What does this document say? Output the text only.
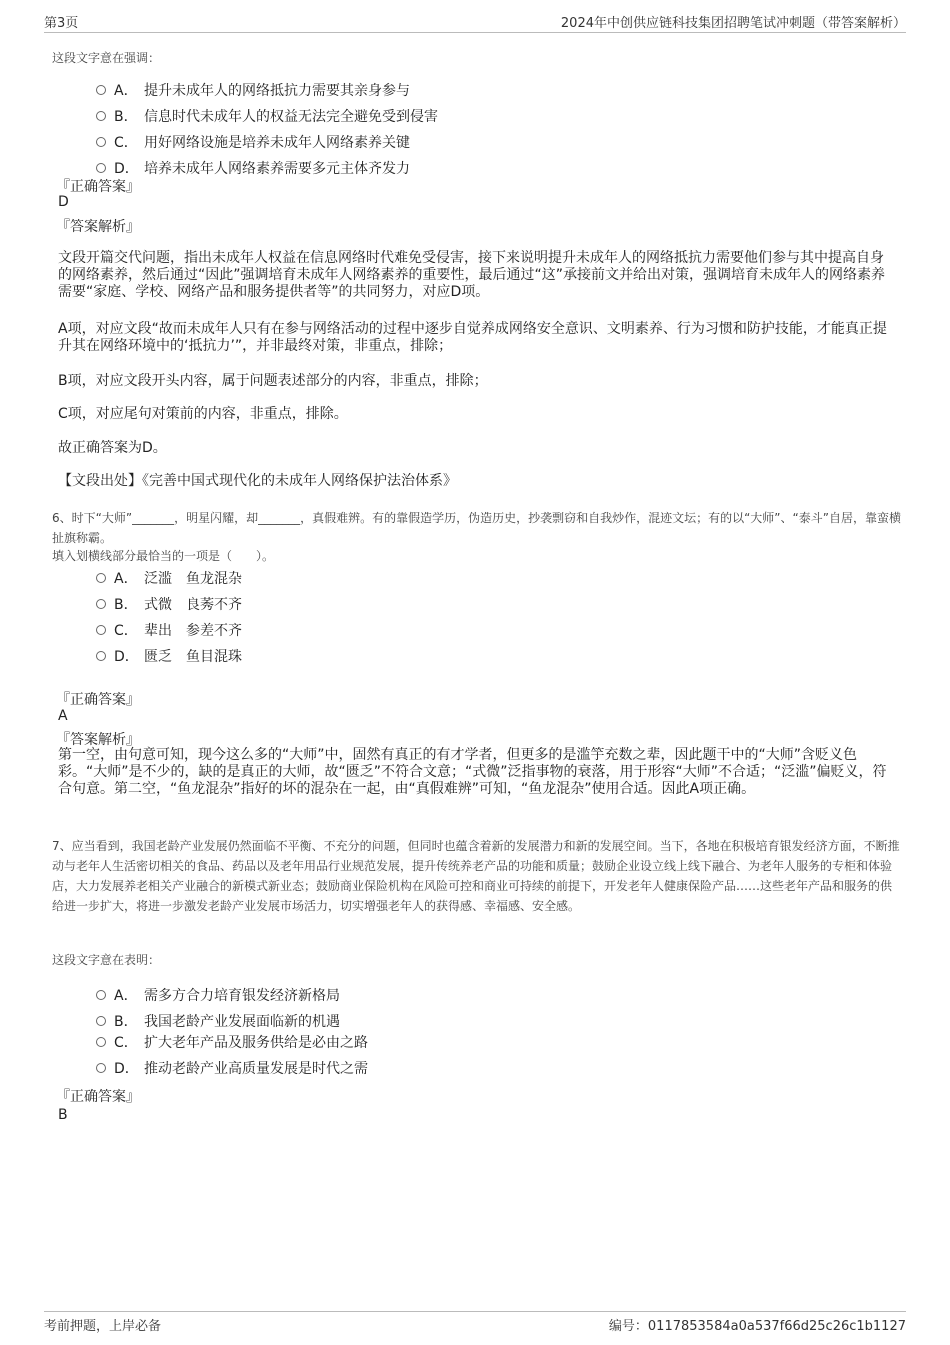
第3页	2024年中创供应链科技集团招聘笔试冲刺题（带答案解析）
这段文字意在强调：
A． 提升未成年人的网络抵抗力需要其亲身参与
B． 信息时代未成年人的权益无法完全避免受到侵害
C． 用好网络设施是培养未成年人网络素养关键
D． 培养未成年人网络素养需要多元主体齐发力
『正确答案』
D
『答案解析』
文段开篇交代问题，指出未成年人权益在信息网络时代难免受侵害，接下来说明提升未成年人的网络抵抗力需要他们参与其中提高自身的网络素养，然后通过“因此”强调培育未成年人网络素养的重要性，最后通过“这”承接前文并给出对策，强调培育未成年人的网络素养需要“家庭、学校、网络产品和服务提供者等”的共同努力，对应D项。
A项，对应文段“故而未成年人只有在参与网络活动的过程中逐步自觉养成网络安全意识、文明素养、行为习惯和防护技能，才能真正提升其在网络环境中的‘抵抗力’”，并非最终对策，非重点，排除；
B项，对应文段开头内容，属于问题表述部分的内容，非重点，排除；
C项，对应尾句对策前的内容，非重点，排除。
故正确答案为D。
【文段出处】《完善中国式现代化的未成年人网络保护法治体系》
6、时下“大师”_______，明星闪耀，却_______，真假难辨。有的靠假造学历，伪造历史，抄袭剽窃和自我炒作，混迹文坛；有的以“大师”、“泰斗”自居，靠蛮横扯旗称霸。
填入划横线部分最恰当的一项是（　　）。
A． 泛滥　鱼龙混杂
B． 式微　良莠不齐
C． 辈出　参差不齐
D． 匮乏　鱼目混珠
『正确答案』
A
『答案解析』
第一空，由句意可知，现今这么多的“大师”中，固然有真正的有才学者，但更多的是滥竽充数之辈，因此题干中的“大师”含贬义色彩。“大师”是不少的，缺的是真正的大师，故“匮乏”不符合文意；“式微”泛指事物的衰落，用于形容“大师”不合适；“泛滥”偏贬义，符合句意。第二空，“鱼龙混杂”指好的坏的混杂在一起，由“真假难辨”可知，“鱼龙混杂”使用合适。因此A项正确。
7、应当看到，我国老龄产业发展仍然面临不平衡、不充分的问题，但同时也蕴含着新的发展潜力和新的发展空间。当下，各地在积极培育银发经济方面，不断推动与老年人生活密切相关的食品、药品以及老年用品行业规范发展，提升传统养老产品的功能和质量；鼓励企业设立线上线下融合、为老年人服务的专柜和体验店，大力发展养老相关产业融合的新模式新业态；鼓励商业保险机构在风险可控和商业可持续的前提下，开发老年人健康保险产品……这些老年产品和服务的供给进一步扩大，将进一步激发老龄产业发展市场活力，切实增强老年人的获得感、幸福感、安全感。
这段文字意在表明：
A． 需多方合力培育银发经济新格局
B． 我国老龄产业发展面临新的机遇
C． 扩大老年产品及服务供给是必由之路
D． 推动老龄产业高质量发展是时代之需
『正确答案』
B
考前押题，上岸必备	编号：0117853584a0a537f66d25c26c1b1127
